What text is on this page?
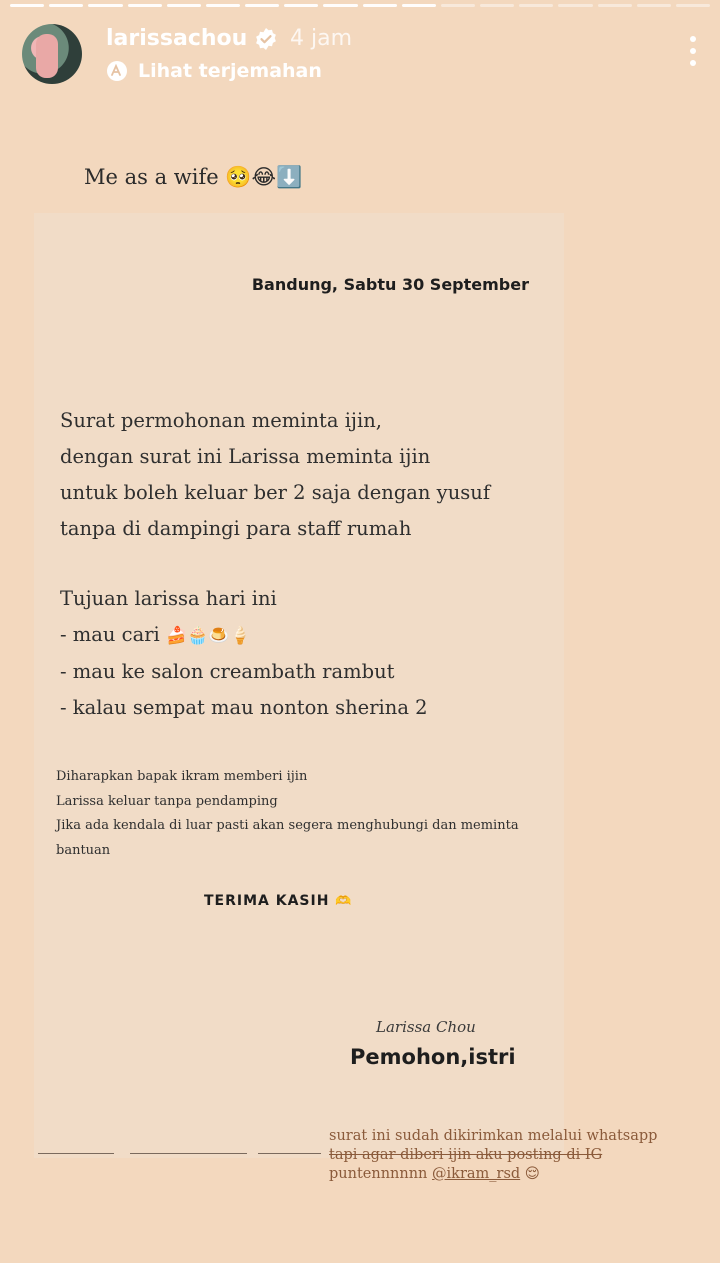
larissachou 4 jam
Lihat terjemahan
Me as a wife 🥺😂⬇️
Bandung, Sabtu 30 September
Surat permohonan meminta ijin,
dengan surat ini Larissa meminta ijin
untuk boleh keluar ber 2 saja dengan yusuf
tanpa di dampingi para staff rumah
Tujuan larissa hari ini
- mau cari 🍰🧁🍮🍦
- mau ke salon creambath rambut
- kalau sempat mau nonton sherina 2
Diharapkan bapak ikram memberi ijin
Larissa keluar tanpa pendamping
Jika ada kendala di luar pasti akan segera menghubungi dan meminta bantuan
TERIMA KASIH 🫶
Larissa Chou
Pemohon,istri
surat ini sudah dikirimkan melalui whatsapp
tapi agar diberi ijin aku posting di IG
puntennnnnn @ikram_rsd 😌
